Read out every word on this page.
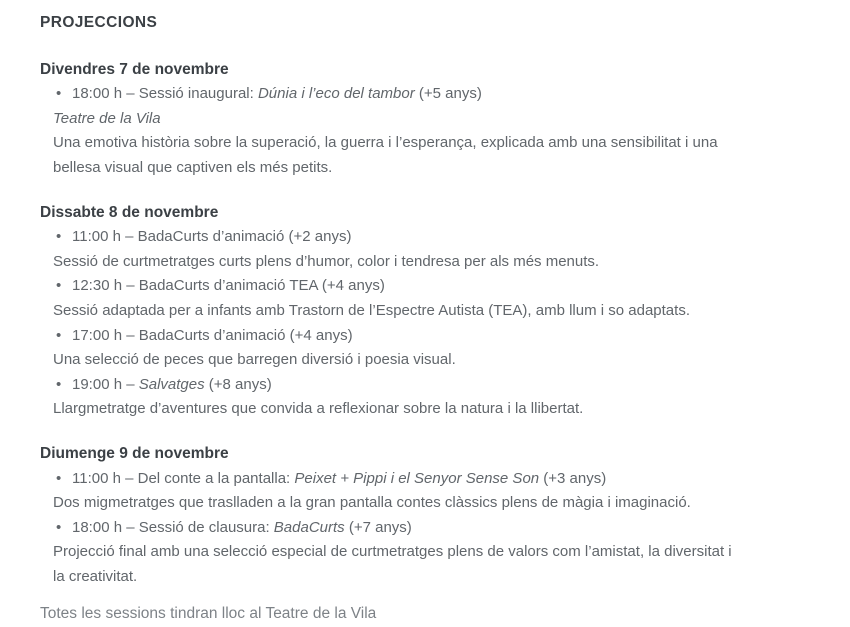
PROJECCIONS
Divendres 7 de novembre
• 18:00 h – Sessió inaugural: Dúnia i l’eco del tambor (+5 anys)
Teatre de la Vila
Una emotiva història sobre la superació, la guerra i l’esperança, explicada amb una sensibilitat i una
bellesa visual que captiven els més petits.
Dissabte 8 de novembre
• 11:00 h – BadaCurts d’animació (+2 anys)
Sessió de curtmetratges curts plens d’humor, color i tendresa per als més menuts.
• 12:30 h – BadaCurts d’animació TEA (+4 anys)
Sessió adaptada per a infants amb Trastorn de l’Espectre Autista (TEA), amb llum i so adaptats.
• 17:00 h – BadaCurts d’animació (+4 anys)
Una selecció de peces que barregen diversió i poesia visual.
• 19:00 h – Salvatges (+8 anys)
Llargmetratge d’aventures que convida a reflexionar sobre la natura i la llibertat.
Diumenge 9 de novembre
• 11:00 h – Del conte a la pantalla: Peixet + Pippi i el Senyor Sense Son (+3 anys)
Dos migmetratges que traslladen a la gran pantalla contes clàssics plens de màgia i imaginació.
• 18:00 h – Sessió de clausura: BadaCurts (+7 anys)
Projecció final amb una selecció especial de curtmetratges plens de valors com l’amistat, la diversitat i
la creativitat.
Totes les sessions tindran lloc al Teatre de la Vila
